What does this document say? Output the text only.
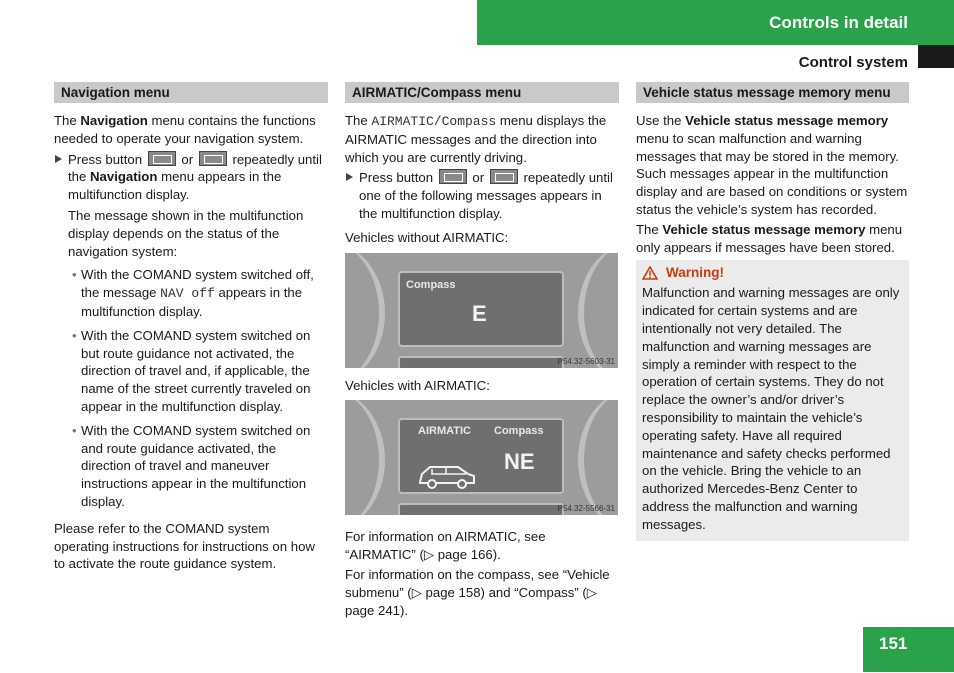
Controls in detail
Control system
Navigation menu

The Navigation menu contains the functions needed to operate your navigation system.

Press button	or	repeatedly until the Navigation menu appears in the multifunction display.
The message shown in the multifunction display depends on the status of the navigation system:
• With the COMAND system switched off, the message NAV off appears in the multifunction display.
• With the COMAND system switched on but route guidance not activated, the direction of travel and, if applicable, the name of the street currently traveled on appear in the multifunction display.
• With the COMAND system switched on and route guidance activated, the direction of travel and maneuver instructions appear in the multifunction display.

Please refer to the COMAND system operating instructions for instructions on how to activate the route guidance system.

AIRMATIC/Compass menu

The AIRMATIC/Compass menu displays the AIRMATIC messages and the direction into which you are currently driving.

Press button	or	repeatedly until one of the following messages appears in the multifunction display.

Vehicles without AIRMATIC:

Compass
E
P54.32-5603-31

Vehicles with AIRMATIC:

AIRMATIC Compass
NE
P54.32-5566-31

For information on AIRMATIC, see “AIRMATIC” (▷ page 166).

For information on the compass, see “Vehicle submenu” (▷ page 158) and “Compass” (▷ page 241).

Vehicle status message memory menu

Use the Vehicle status message memory menu to scan malfunction and warning messages that may be stored in the memory. Such messages appear in the multifunction display and are based on conditions or system status the vehicle’s system has recorded.

The Vehicle status message memory menu only appears if messages have been stored.

Warning!

Malfunction and warning messages are only indicated for certain systems and are intentionally not very detailed. The malfunction and warning messages are simply a reminder with respect to the operation of certain systems. They do not replace the owner’s and/or driver’s responsibility to maintain the vehicle’s operating safety. Have all required maintenance and safety checks performed on the vehicle. Bring the vehicle to an authorized Mercedes-Benz Center to address the malfunction and warning messages.

151
